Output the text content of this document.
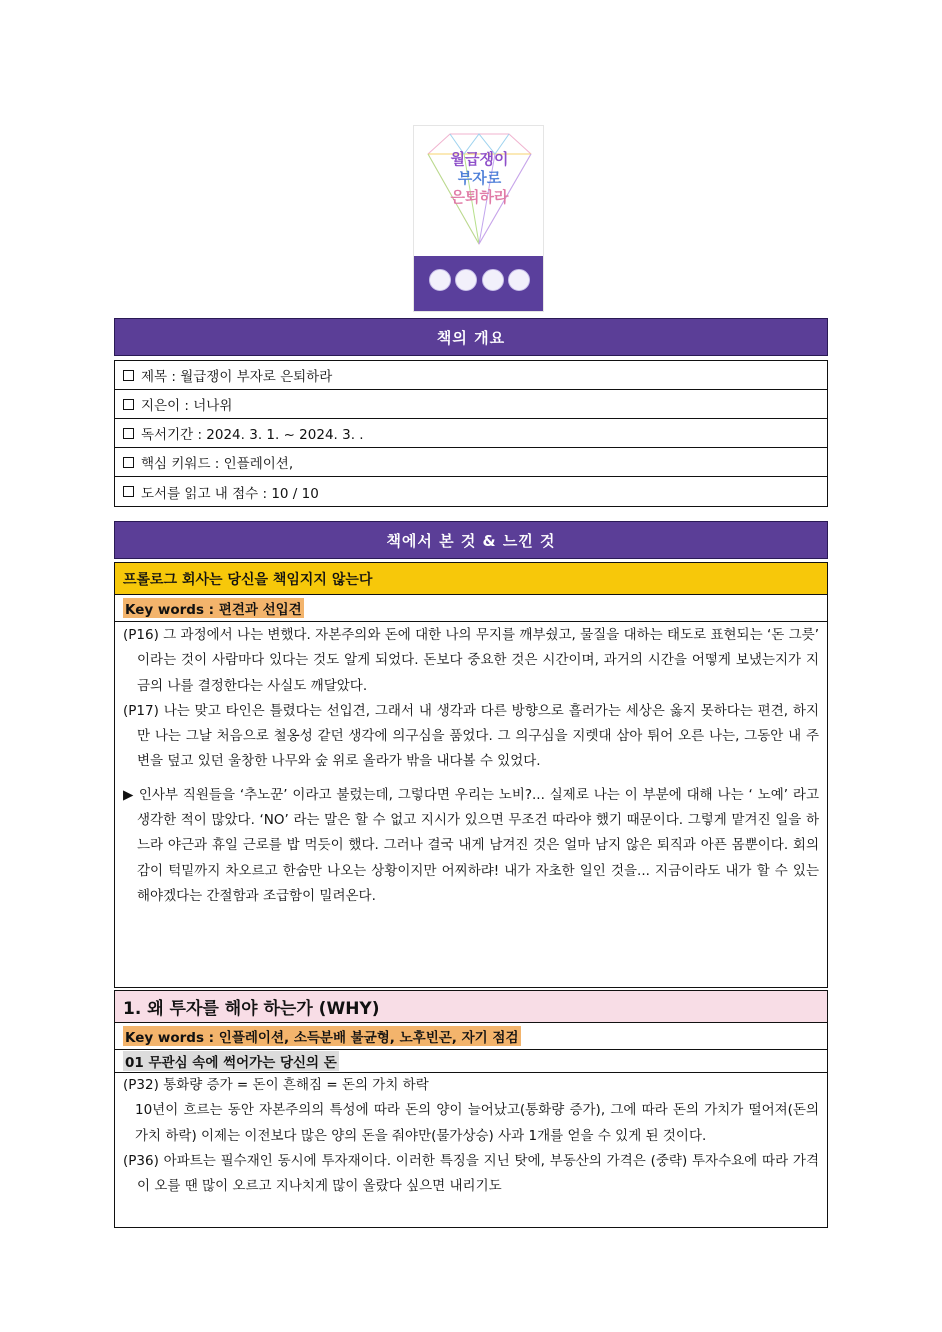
월급쟁이
부자로
은퇴하라
책의 개요
제목 : 월급쟁이 부자로 은퇴하라
지은이 : 너나위
독서기간 : 2024. 3. 1. ~ 2024. 3. .
핵심 키워드 : 인플레이션,
도서를 읽고 내 점수 : 10 / 10
책에서 본 것 & 느낀 것
프롤로그 회사는 당신을 책임지지 않는다
Key words : 편견과 선입견
(P16) 그 과정에서 나는 변했다. 자본주의와 돈에 대한 나의 무지를 깨부쉈고, 물질을 대하는 태도로 표현되는 ‘돈 그릇’ 이라는 것이 사람마다 있다는 것도 알게 되었다. 돈보다 중요한 것은 시간이며, 과거의 시간을 어떻게 보냈는지가 지금의 나를 결정한다는 사실도 깨달았다.
(P17) 나는 맞고 타인은 틀렸다는 선입견, 그래서 내 생각과 다른 방향으로 흘러가는 세상은 옳지 못하다는 편견, 하지만 나는 그날 처음으로 철옹성 같던 생각에 의구심을 품었다. 그 의구심을 지렛대 삼아 튀어 오른 나는, 그동안 내 주변을 덮고 있던 울창한 나무와 숲 위로 올라가 밖을 내다볼 수 있었다.
▶ 인사부 직원들을 ‘추노꾼’ 이라고 불렀는데, 그렇다면 우리는 노비?... 실제로 나는 이 부분에 대해 나는 ‘ 노예’ 라고 생각한 적이 많았다. ‘NO’ 라는 말은 할 수 없고 지시가 있으면 무조건 따라야 했기 때문이다. 그렇게 맡겨진 일을 하느라 야근과 휴일 근로를 밥 먹듯이 했다. 그러나 결국 내게 남겨진 것은 얼마 남지 않은 퇴직과 아픈 몸뿐이다. 회의감이 턱밑까지 차오르고 한숨만 나오는 상황이지만 어찌하랴! 내가 자초한 일인 것을... 지금이라도 내가 할 수 있는 해야겠다는 간절함과 조급함이 밀려온다.
1. 왜 투자를 해야 하는가 (WHY)
Key words : 인플레이션, 소득분배 불균형, 노후빈곤, 자기 점검
01 무관심 속에 썩어가는 당신의 돈
(P32) 통화량 증가 = 돈이 흔해짐 = 돈의 가치 하락
10년이 흐르는 동안 자본주의의 특성에 따라 돈의 양이 늘어났고(통화량 증가), 그에 따라 돈의 가치가 떨어져(돈의 가치 하락) 이제는 이전보다 많은 양의 돈을 줘야만(물가상승) 사과 1개를 얻을 수 있게 된 것이다.
(P36) 아파트는 필수재인 동시에 투자재이다. 이러한 특징을 지닌 탓에, 부동산의 가격은 (중략) 투자수요에 따라 가격이 오를 땐 많이 오르고 지나치게 많이 올랐다 싶으면 내리기도
